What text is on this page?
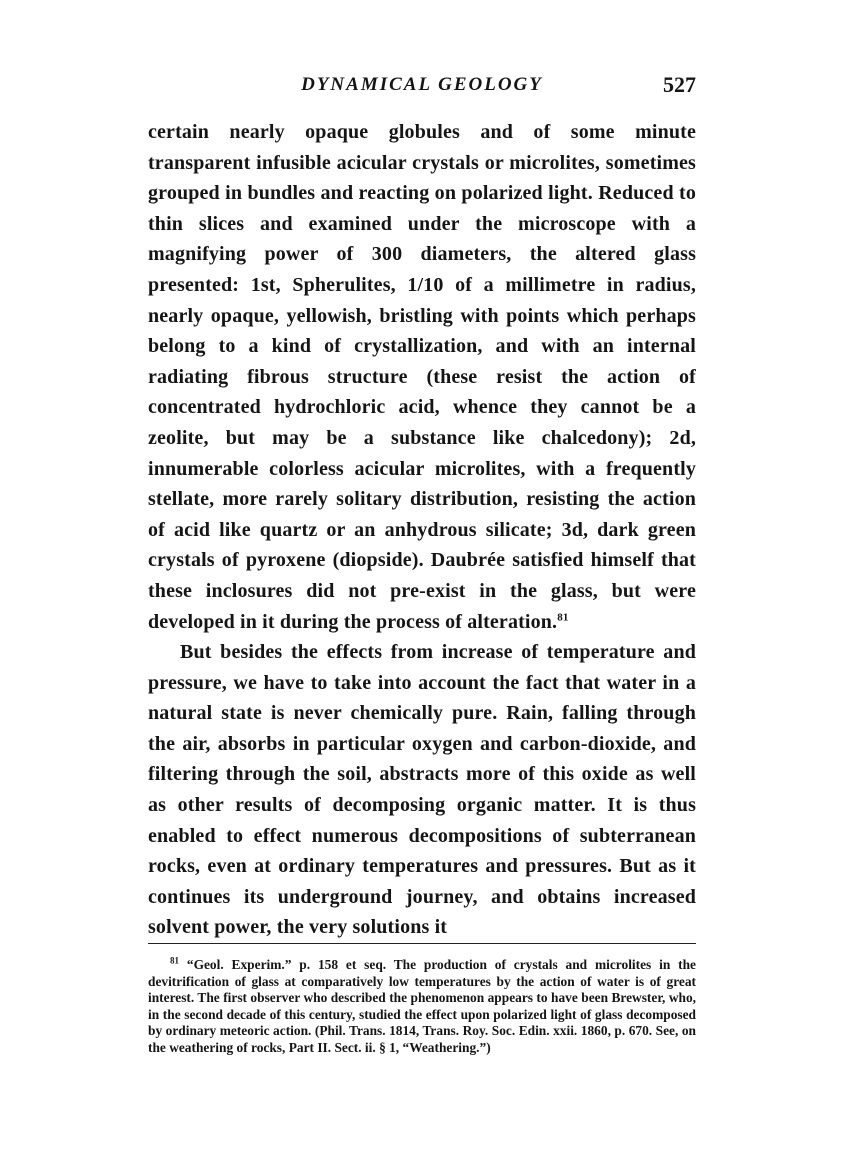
DYNAMICAL GEOLOGY	527

certain nearly opaque globules and of some minute transparent infusible acicular crystals or microlites, sometimes grouped in bundles and reacting on polarized light. Reduced to thin slices and examined under the microscope with a magnifying power of 300 diameters, the altered glass presented: 1st, Spherulites, 1/10 of a millimetre in radius, nearly opaque, yellowish, bristling with points which perhaps belong to a kind of crystallization, and with an internal radiating fibrous structure (these resist the action of concentrated hydrochloric acid, whence they cannot be a zeolite, but may be a substance like chalcedony); 2d, innumerable colorless acicular microlites, with a frequently stellate, more rarely solitary distribution, resisting the action of acid like quartz or an anhydrous silicate; 3d, dark green crystals of pyroxene (diopside). Daubrée satisfied himself that these inclosures did not pre-exist in the glass, but were developed in it during the process of alteration.$^{81}$

But besides the effects from increase of temperature and pressure, we have to take into account the fact that water in a natural state is never chemically pure. Rain, falling through the air, absorbs in particular oxygen and carbon-dioxide, and filtering through the soil, abstracts more of this oxide as well as other results of decomposing organic matter. It is thus enabled to effect numerous decompositions of subterranean rocks, even at ordinary temperatures and pressures. But as it continues its underground journey, and obtains increased solvent power, the very solutions it

$^{81}$ “Geol. Experim.” p. 158 et seq. The production of crystals and microlites in the devitrification of glass at comparatively low temperatures by the action of water is of great interest. The first observer who described the phenomenon appears to have been Brewster, who, in the second decade of this century, studied the effect upon polarized light of glass decomposed by ordinary meteoric action. (Phil. Trans. 1814, Trans. Roy. Soc. Edin. xxii. 1860, p. 670. See, on the weathering of rocks, Part II. Sect. ii. § 1, “Weathering.”)
